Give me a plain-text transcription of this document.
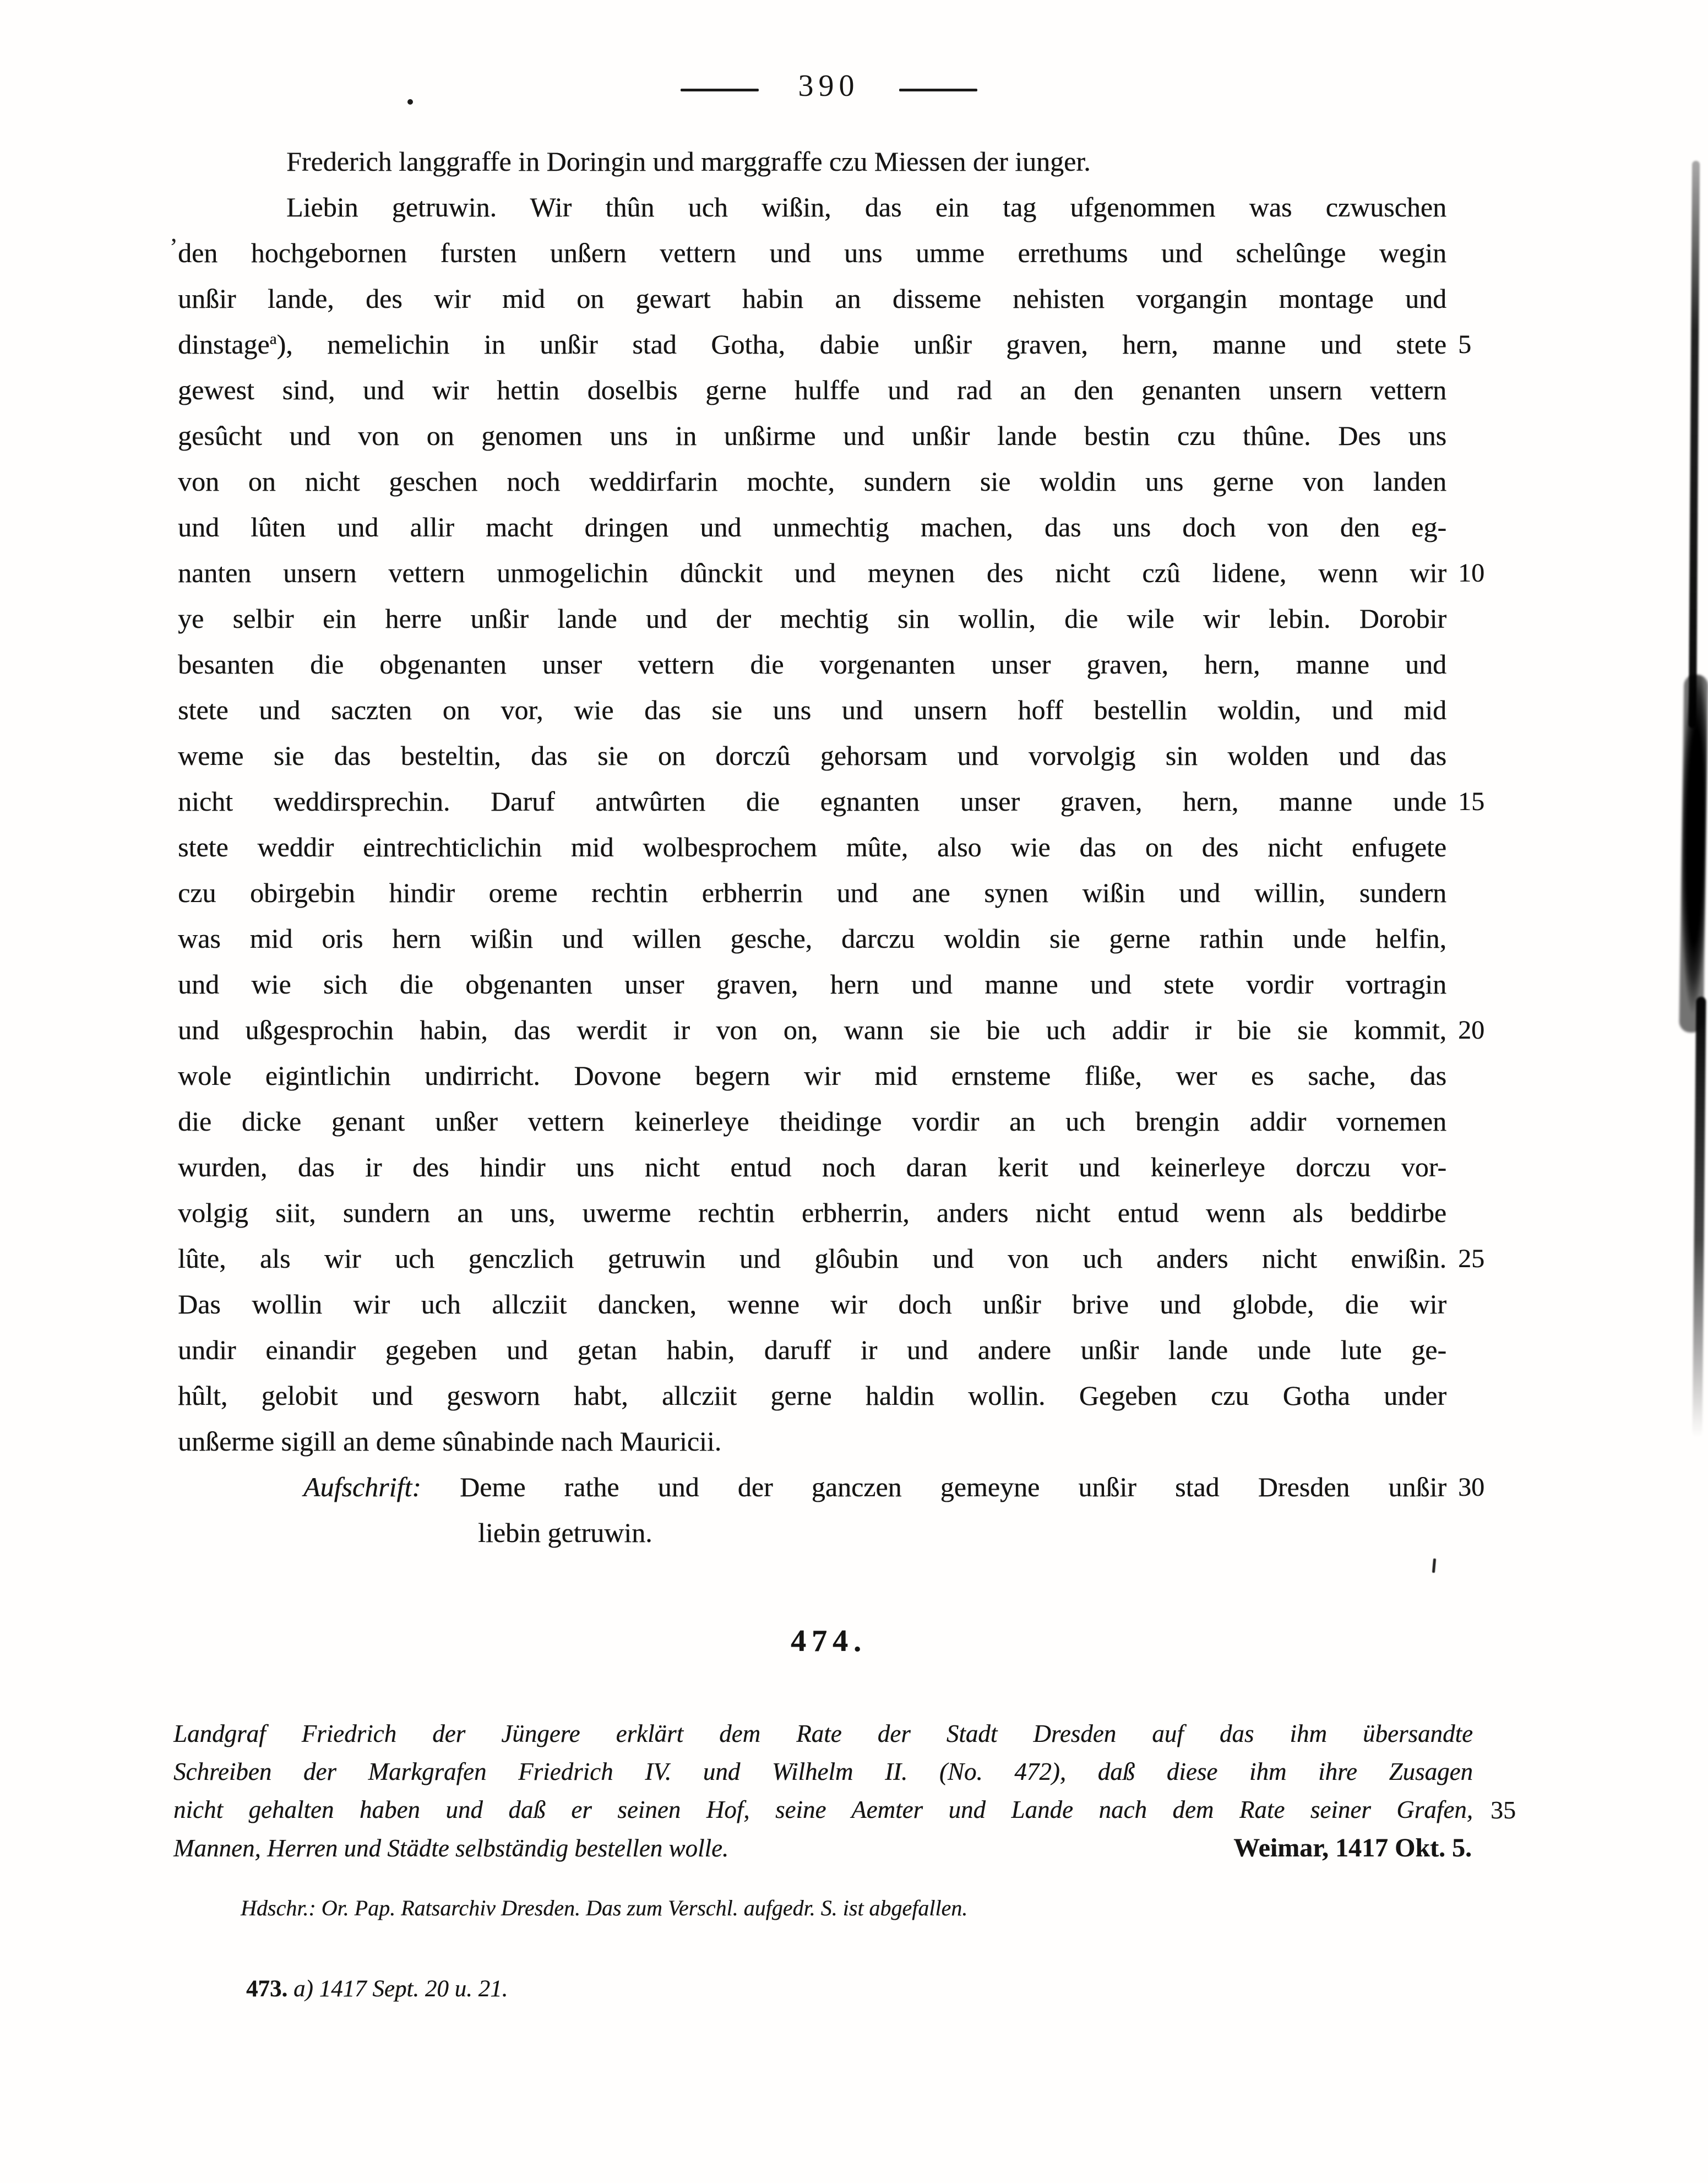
390
Frederich langgraffe in Doringin und marggraffe czu Miessen der iunger.
Liebin getruwin. Wir thûn uch wißin, das ein tag ufgenommen was czwuschen
den hochgebornen fursten unßern vettern und uns umme errethums und schelûnge wegin
unßir lande, des wir mid on gewart habin an disseme nehisten vorgangin montage und
dinstage$^a$), nemelichin in unßir stad Gotha, dabie unßir graven, hern, manne und stete 5
gewest sind, und wir hettin doselbis gerne hulffe und rad an den genanten unsern vettern
gesûcht und von on genomen uns in unßirme und unßir lande bestin czu thûne. Des uns
von on nicht geschen noch weddirfarin mochte, sundern sie woldin uns gerne von landen
und lûten und allir macht dringen und unmechtig machen, das uns doch von den eg-
nanten unsern vettern unmogelichin dûnckit und meynen des nicht czû lidene, wenn wir 10
ye selbir ein herre unßir lande und der mechtig sin wollin, die wile wir lebin. Dorobir
besanten die obgenanten unser vettern die vorgenanten unser graven, hern, manne und
stete und saczten on vor, wie das sie uns und unsern hoff bestellin woldin, und mid
weme sie das besteltin, das sie on dorczû gehorsam und vorvolgig sin wolden und das
nicht weddirsprechin. Daruf antwûrten die egnanten unser graven, hern, manne unde 15
stete weddir eintrechticlichin mid wolbesprochem mûte, also wie das on des nicht enfugete
czu obirgebin hindir oreme rechtin erbherrin und ane synen wißin und willin, sundern
was mid oris hern wißin und willen gesche, darczu woldin sie gerne rathin unde helfin,
und wie sich die obgenanten unser graven, hern und manne und stete vordir vortragin
und ußgesprochin habin, das werdit ir von on, wann sie bie uch addir ir bie sie kommit, 20
wole eigintlichin undirricht. Dovone begern wir mid ernsteme fliße, wer es sache, das
die dicke genant unßer vettern keinerleye theidinge vordir an uch brengin addir vornemen
wurden, das ir des hindir uns nicht entud noch daran kerit und keinerleye dorczu vor-
volgig siit, sundern an uns, uwerme rechtin erbherrin, anders nicht entud wenn als beddirbe
lûte, als wir uch genczlich getruwin und glôubin und von uch anders nicht enwißin. 25
Das wollin wir uch allcziit dancken, wenne wir doch unßir brive und globde, die wir
undir einandir gegeben und getan habin, daruff ir und andere unßir lande unde lute ge-
hûlt, gelobit und gesworn habt, allcziit gerne haldin wollin. Gegeben czu Gotha under
unßerme sigill an deme sûnabinde nach Mauricii.
Aufschrift: Deme rathe und der ganczen gemeyne unßir stad Dresden unßir 30
liebin getruwin.
474.
Landgraf Friedrich der Jüngere erklärt dem Rate der Stadt Dresden auf das ihm übersandte
Schreiben der Markgrafen Friedrich IV. und Wilhelm II. (No. 472), daß diese ihm ihre Zusagen
nicht gehalten haben und daß er seinen Hof, seine Aemter und Lande nach dem Rate seiner Grafen, 35
Mannen, Herren und Städte selbständig bestellen wolle.	Weimar, 1417 Okt. 5.
Hdschr.: Or. Pap. Ratsarchiv Dresden. Das zum Verschl. aufgedr. S. ist abgefallen.
473. a) 1417 Sept. 20 u. 21.
,
